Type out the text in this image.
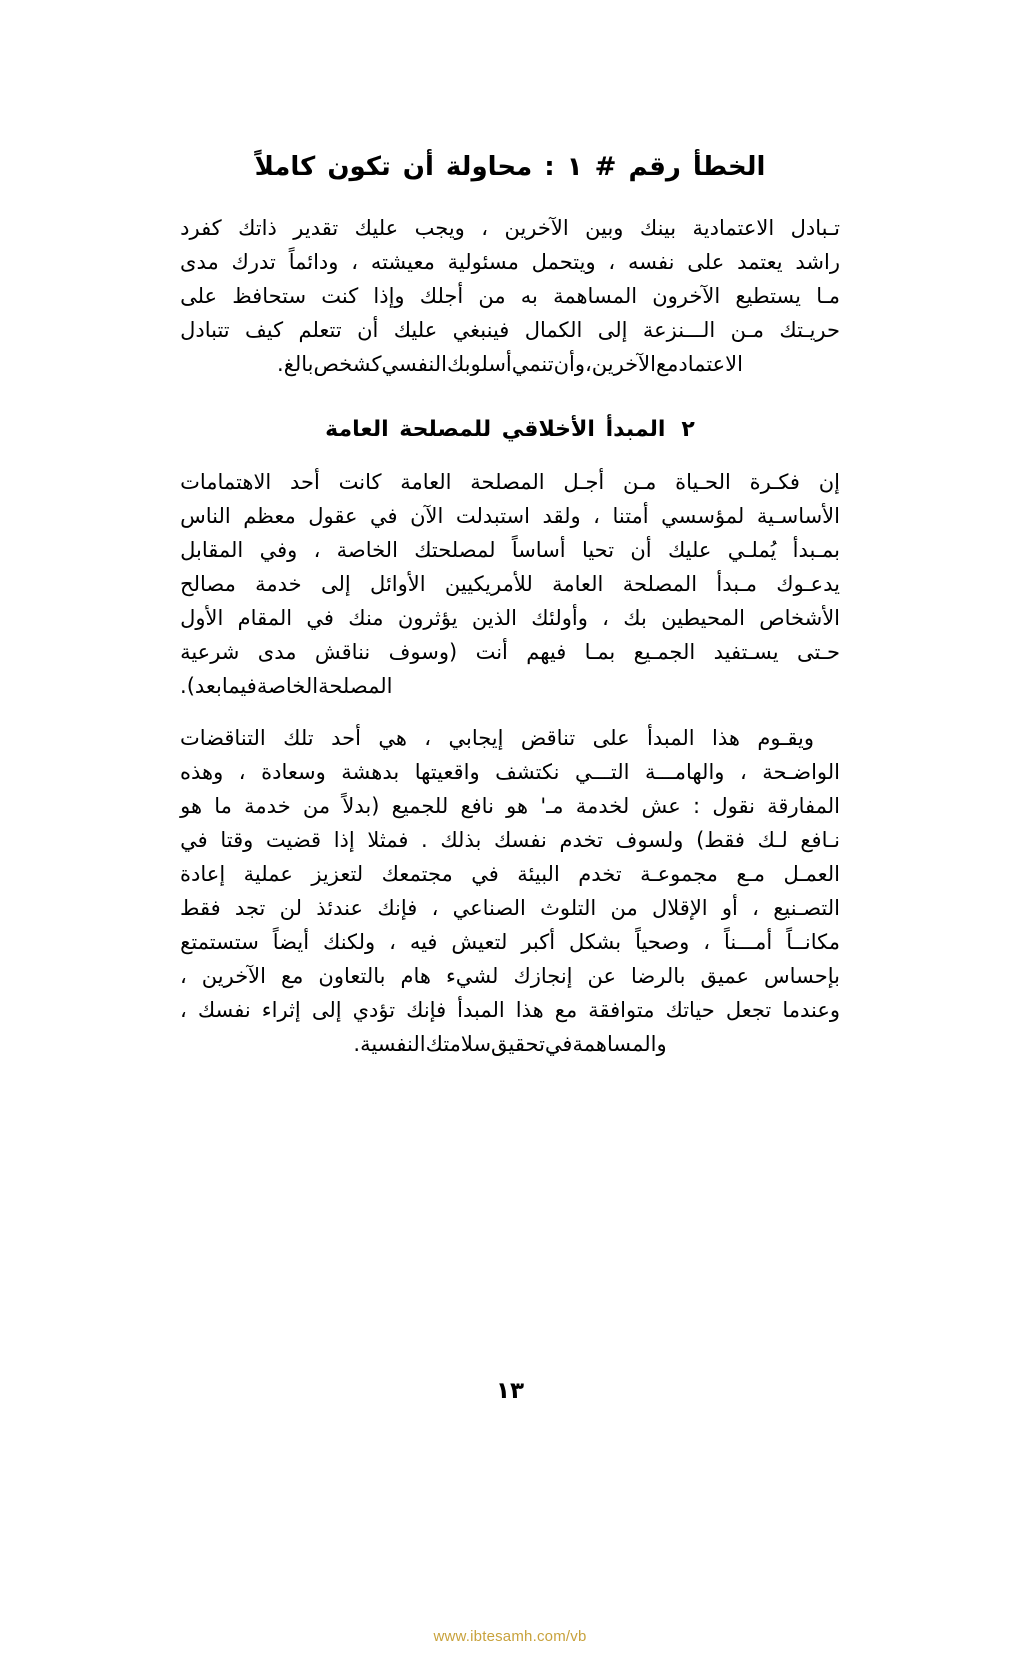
الخطأ رقم # ١ : محاولة أن تكون كاملاً
تـبادل
الاعتمادية
بينك
وبين
الآخرين
،
ويجب
عليك
تقدير
ذاتك
كفرد
راشد
يعتمد
على
نفسه
،
ويتحمل
مسئولية
معيشته
،
ودائماً
تدرك
مدى
مـا
يستطيع
الآخرون
المساهمة
به
من
أجلك
وإذا
كنت
ستحافظ
على
حريـتك
مـن
الـــنزعة
إلى
الكمال
فينبغي
عليك
أن
تتعلم
كيف
تتبادل
الاعتماد
مع
الآخرين
،
وأن
تنمي
أسلوبك
النفسي
كشخص
بالغ
.
٢المبدأ الأخلاقي للمصلحة العامة
إن
فكـرة
الحـياة
مـن
أجـل
المصلحة
العامة
كانت
أحد
الاهتمامات
الأساسـية
لمؤسسي
أمتنا
،
ولقد
استبدلت
الآن
في
عقول
معظم
الناس
بمـبدأ
يُملـي
عليك
أن
تحيا
أساساً
لمصلحتك
الخاصة
،
وفي
المقابل
يدعـوك
مـبدأ
المصلحة
العامة
للأمريكيين
الأوائل
إلى
خدمة
مصالح
الأشخاص
المحيطين
بك
،
وأولئك
الذين
يؤثرون
منك
في
المقام
الأول
حـتى
يسـتفيد
الجمـيع
بمـا
فيهم
أنت
(وسوف
نناقش
مدى
شرعية
المصلحة
الخاصة
فيما
بعد)
.
ويقـوم
هذا
المبدأ
على
تناقض
إيجابي
،
هي
أحد
تلك
التناقضات
الواضـحة
،
والهامـــة
التـــي
نكتشف
واقعيتها
بدهشة
وسعادة
،
وهذه
المفارقة
نقول
:
عش
لخدمة
مـ'
هو
نافع
للجميع
(بدلاً
من
خدمة
ما
هو
نـافع
لـك
فقط)
ولسوف
تخدم
نفسك
بذلك
.
فمثلا
إذا
قضيت
وقتا
في
العمـل
مـع
مجموعـة
تخدم
البيئة
في
مجتمعك
لتعزيز
عملية
إعادة
التصـنيع
،
أو
الإقلال
من
التلوث
الصناعي
،
فإنك
عندئذ
لن
تجد
فقط
مكانــاً
أمـــناً
،
وصحياً
بشكل
أكبر
لتعيش
فيه
،
ولكنك
أيضاً
ستستمتع
بإحساس
عميق
بالرضا
عن
إنجازك
لشيء
هام
بالتعاون
مع
الآخرين
،
وعندما
تجعل
حياتك
متوافقة
مع
هذا
المبدأ
فإنك
تؤدي
إلى
إثراء
نفسك
،
والمساهمة
في
تحقيق
سلامتك
النفسية
.
١٣
www.ibtesamh.com/vb
